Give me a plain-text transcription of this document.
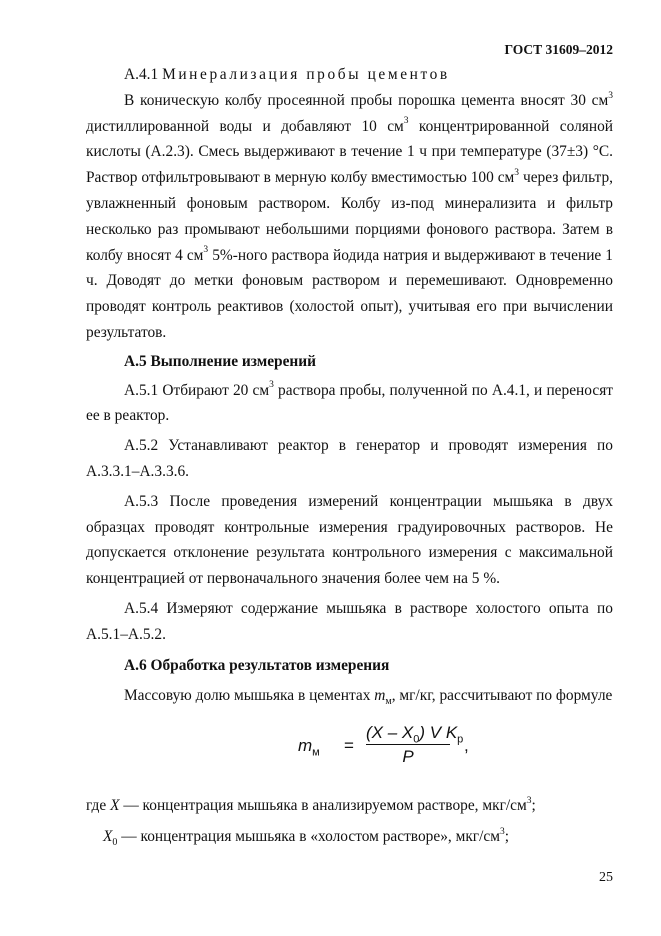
ГОСТ 31609–2012

А.4.1 Минерализация пробы цементов

В коническую колбу просеянной пробы порошка цемента вносят 30 $см^3$ дистиллированной воды и добавляют 10 $см^3$ концентрированной соляной кислоты (А.2.3). Смесь выдерживают в течение 1 ч при температуре (37±3) °С. Раствор отфильтровывают в мерную колбу вместимостью 100 $см^3$ через фильтр, увлажненный фоновым раствором. Колбу из-под минерализита и фильтр несколько раз промывают небольшими порциями фонового раствора. Затем в колбу вносят 4 $см^3$ 5%-ного раствора йодида натрия и выдерживают в течение 1 ч. Доводят до метки фоновым раствором и перемешивают. Одновременно проводят контроль реактивов (холостой опыт), учитывая его при вычислении результатов.

А.5 Выполнение измерений

А.5.1 Отбирают 20 $см^3$ раствора пробы, полученной по А.4.1, и переносят ее в реактор.

А.5.2 Устанавливают реактор в генератор и проводят измерения по А.3.3.1–А.3.3.6.

А.5.3 После проведения измерений концентрации мышьяка в двух образцах проводят контрольные измерения градуировочных растворов. Не допускается отклонение результата контрольного измерения с максимальной концентрацией от первоначального значения более чем на 5 %.

А.5.4 Измеряют содержание мышьяка в растворе холостого опыта по А.5.1–А.5.2.

А.6 Обработка результатов измерения

Массовую долю мышьяка в цементах $m_м$, мг/кг, рассчитывают по формуле

$m_м$ =
$(X - X_0)$ V $K_р$
P
,

где X — концентрация мышьяка в анализируемом растворе, мкг/$см^3$;

$X_0$ — концентрация мышьяка в «холостом растворе», мкг/$см^3$;

25
